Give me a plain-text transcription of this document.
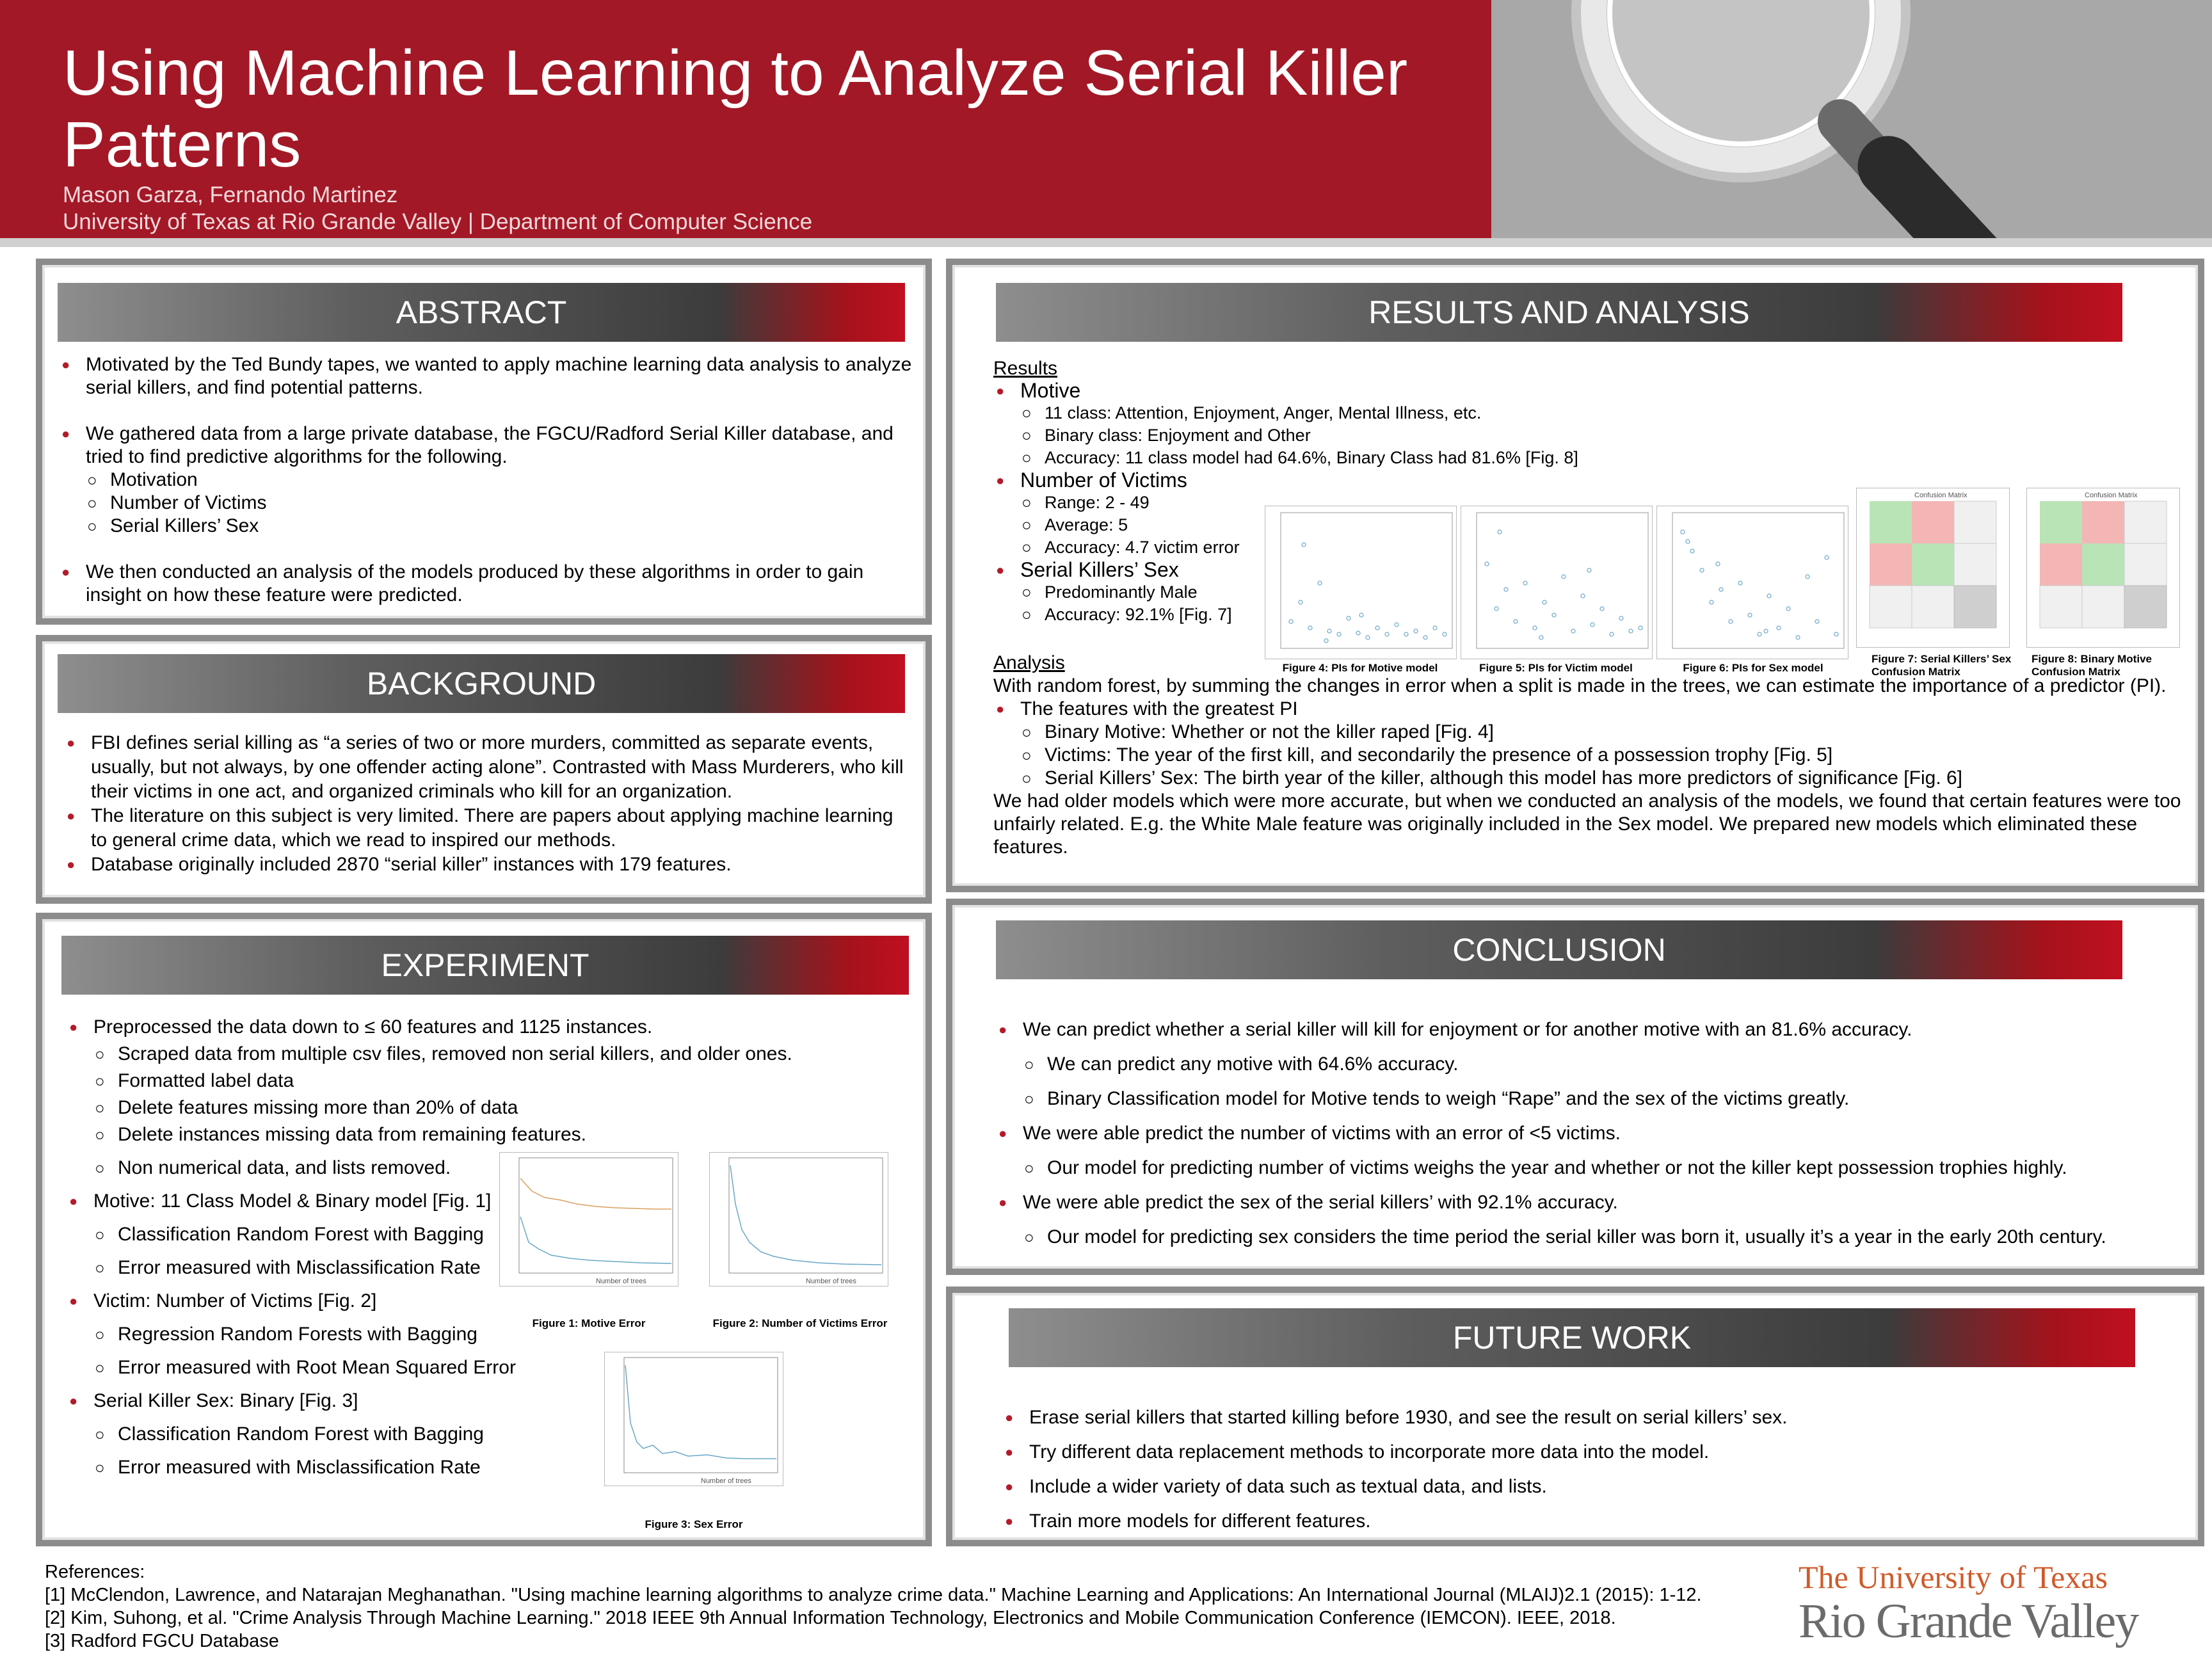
Using Machine Learning to Analyze Serial Killer
Patterns
Mason Garza, Fernando Martinez
University of Texas at Rio Grande Valley | Department of Computer Science
ABSTRACT
● Motivated by the Ted Bundy tapes, we wanted to apply machine learning data analysis to analyze serial killers, and find potential patterns.
● We gathered data from a large private database, the FGCU/Radford Serial Killer database, and tried to find predictive algorithms for the following.
○ Motivation
○ Number of Victims
○ Serial Killers’ Sex
● We then conducted an analysis of the models produced by these algorithms in order to gain insight on how these feature were predicted.
BACKGROUND
● FBI defines serial killing as “a series of two or more murders, committed as separate events, usually, but not always, by one offender acting alone”. Contrasted with Mass Murderers, who kill their victims in one act, and organized criminals who kill for an organization.
● The literature on this subject is very limited. There are papers about applying machine learning to general crime data, which we read to inspired our methods.
● Database originally included 2870 “serial killer” instances with 179 features.
EXPERIMENT
● Preprocessed the data down to ≤ 60 features and 1125 instances.
○ Scraped data from multiple csv files, removed non serial killers, and older ones.
○ Formatted label data
○ Delete features missing more than 20% of data
○ Delete instances missing data from remaining features.
○ Non numerical data, and lists removed.
● Motive: 11 Class Model & Binary model [Fig. 1]
○ Classification Random Forest with Bagging
○ Error measured with Misclassification Rate
● Victim: Number of Victims [Fig. 2]
○ Regression Random Forests with Bagging
○ Error measured with Root Mean Squared Error
● Serial Killer Sex: Binary [Fig. 3]
○ Classification Random Forest with Bagging
○ Error measured with Misclassification Rate
Number of trees
Figure 1: Motive Error
Number of trees
Figure 2: Number of Victims Error
Number of trees
Figure 3: Sex Error
RESULTS AND ANALYSIS
Results
● Motive
○ 11 class: Attention, Enjoyment, Anger, Mental Illness, etc.
○ Binary class: Enjoyment and Other
○ Accuracy: 11 class model had 64.6%, Binary Class had 81.6% [Fig. 8]
● Number of Victims
○ Range: 2 - 49
○ Average: 5
○ Accuracy: 4.7 victim error
● Serial Killers’ Sex
○ Predominantly Male
○ Accuracy: 92.1% [Fig. 7]
Figure 4: PIs for Motive model	Figure 5: PIs for Victim model	Figure 6: PIs for Sex model
Confusion Matrix
Figure 7: Serial Killers’ Sex Confusion Matrix
Confusion Matrix
Figure 8: Binary Motive Confusion Matrix
Analysis
With random forest, by summing the changes in error when a split is made in the trees, we can estimate the importance of a predictor (PI).
● The features with the greatest PI
○ Binary Motive: Whether or not the killer raped [Fig. 4]
○ Victims: The year of the first kill, and secondarily the presence of a possession trophy [Fig. 5]
○ Serial Killers’ Sex: The birth year of the killer, although this model has more predictors of significance [Fig. 6]
We had older models which were more accurate, but when we conducted an analysis of the models, we found that certain features were too unfairly related. E.g. the White Male feature was originally included in the Sex model. We prepared new models which eliminated these features.
CONCLUSION
● We can predict whether a serial killer will kill for enjoyment or for another motive with an 81.6% accuracy.
○ We can predict any motive with 64.6% accuracy.
○ Binary Classification model for Motive tends to weigh “Rape” and the sex of the victims greatly.
● We were able predict the number of victims with an error of <5 victims.
○ Our model for predicting number of victims weighs the year and whether or not the killer kept possession trophies highly.
● We were able predict the sex of the serial killers’ with 92.1% accuracy.
○ Our model for predicting sex considers the time period the serial killer was born it, usually it’s a year in the early 20th century.
FUTURE WORK
● Erase serial killers that started killing before 1930, and see the result on serial killers’ sex.
● Try different data replacement methods to incorporate more data into the model.
● Include a wider variety of data such as textual data, and lists.
● Train more models for different features.
References:
[1] McClendon, Lawrence, and Natarajan Meghanathan. "Using machine learning algorithms to analyze crime data." Machine Learning and Applications: An International Journal (MLAIJ)2.1 (2015): 1-12.
[2] Kim, Suhong, et al. "Crime Analysis Through Machine Learning." 2018 IEEE 9th Annual Information Technology, Electronics and Mobile Communication Conference (IEMCON). IEEE, 2018.
[3] Radford FGCU Database
The University of Texas
Rio Grande Valley
